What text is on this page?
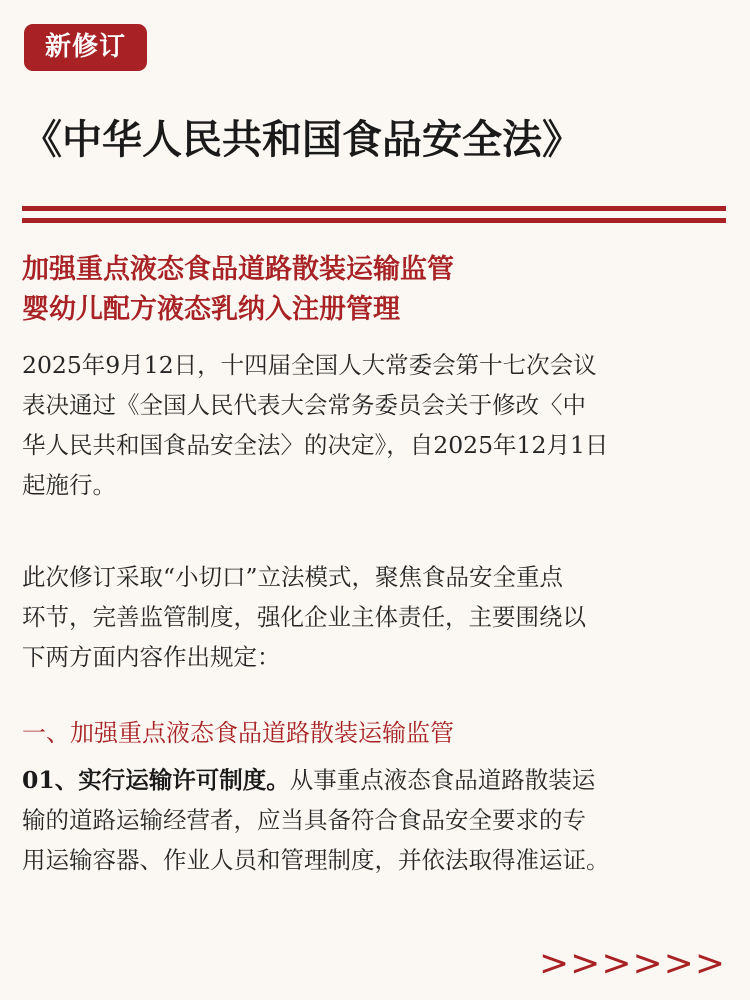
新修订
《中华人民共和国食品安全法》
加强重点液态食品道路散装运输监管
婴幼儿配方液态乳纳入注册管理
2025年9月12日，十四届全国人大常委会第十七次会议
表决通过《全国人民代表大会常务委员会关于修改〈中
华人民共和国食品安全法〉的决定》，自2025年12月1日
起施行。
此次修订采取“小切口”立法模式，聚焦食品安全重点
环节，完善监管制度，强化企业主体责任，主要围绕以
下两方面内容作出规定：
一、加强重点液态食品道路散装运输监管
01、实行运输许可制度。从事重点液态食品道路散装运
输的道路运输经营者，应当具备符合食品安全要求的专
用运输容器、作业人员和管理制度，并依法取得准运证。
>>>>>>
